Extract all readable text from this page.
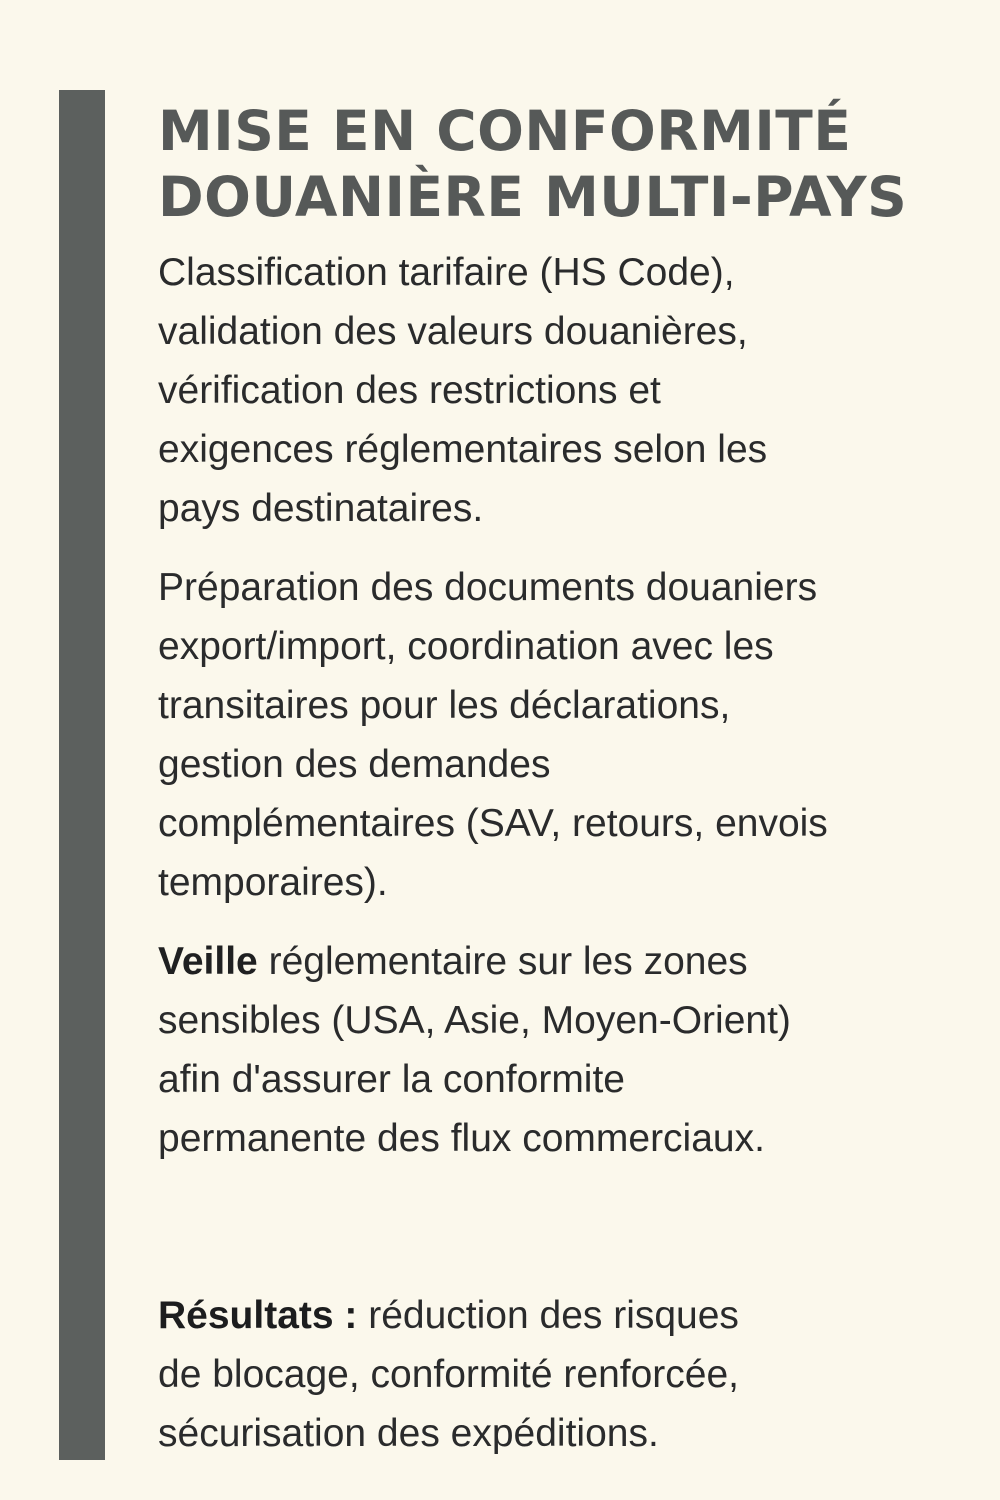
MISE EN CONFORMITÉ
DOUANIÈRE MULTI-PAYS

Classification tarifaire (HS Code),
validation des valeurs douanières,
vérification des restrictions et
exigences réglementaires selon les
pays destinataires.

Préparation des documents douaniers
export/import, coordination avec les
transitaires pour les déclarations,
gestion des demandes
complémentaires (SAV, retours, envois
temporaires).

Veille réglementaire sur les zones
sensibles (USA, Asie, Moyen-Orient)
afin d'assurer la conformite
permanente des flux commerciaux.

Résultats : réduction des risques
de blocage, conformité renforcée,
sécurisation des expéditions.
